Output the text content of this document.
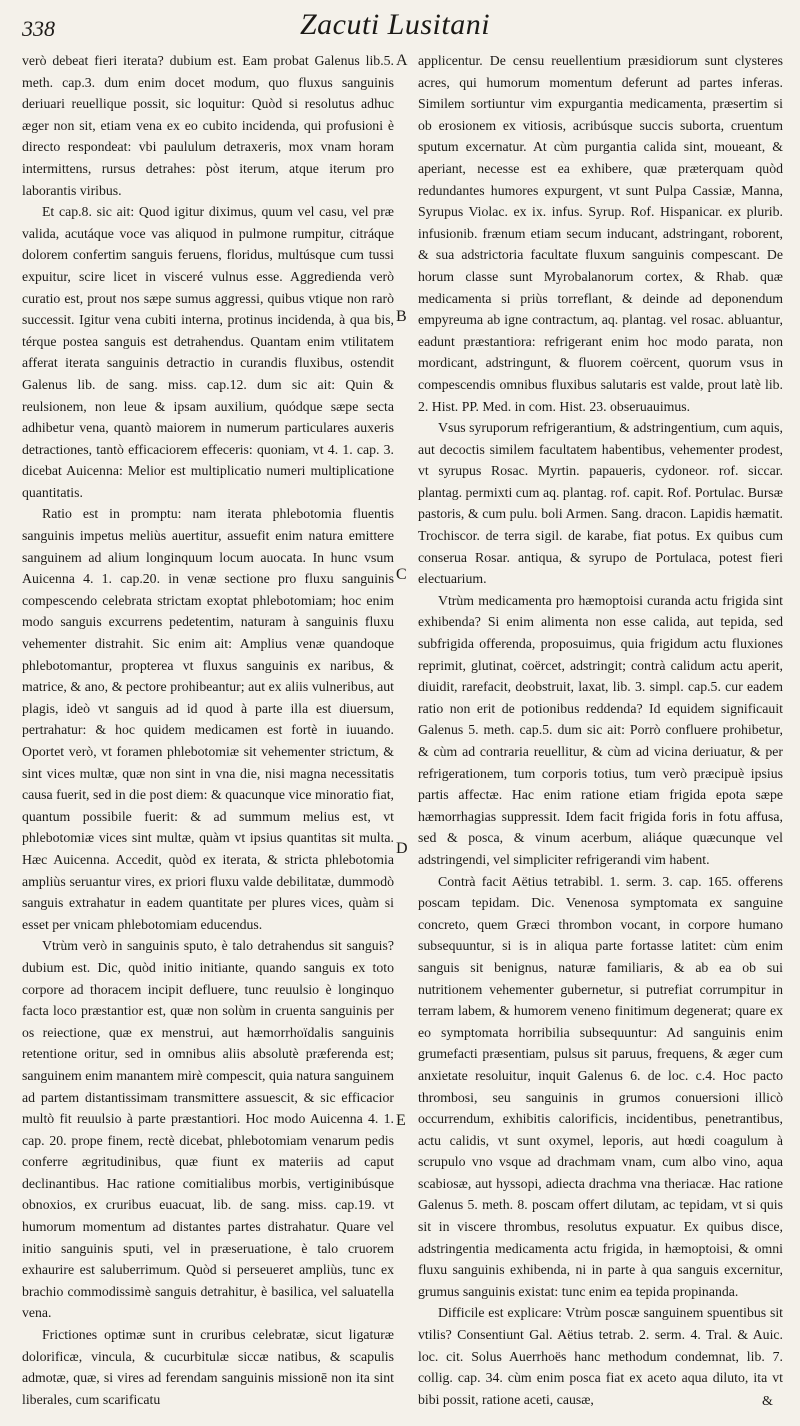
338	Zacuti Lusitani

verò debeat fieri iterata? dubium est. Eam probat Galenus lib.5. meth. cap.3. dum enim docet modum, quo fluxus sanguinis deriuari reuellique possit, sic loquitur: Quòd si resolutus adhuc æger non sit, etiam vena ex eo cubito incidenda, qui profusioni è directo respondeat: vbi paululum detraxeris, mox vnam horam intermittens, rursus detrahes: pòst iterum, atque iterum pro laborantis viribus.

Et cap.8. sic ait: Quod igitur diximus, quum vel casu, vel præ valida, acutáque voce vas aliquod in pulmone rumpitur, citráque dolorem confertim sanguis feruens, floridus, multúsque cum tussi expuitur, scire licet in visceré vulnus esse. Aggredienda verò curatio est, prout nos sæpe sumus aggressi, quibus vtique non rarò successit. Igitur vena cubiti interna, protinus incidenda, à qua bis, térque postea sanguis est detrahendus. Quantam enim vtilitatem afferat iterata sanguinis detractio in curandis fluxibus, ostendit Galenus lib. de sang. miss. cap.12. dum sic ait: Quin & reulsionem, non leue & ipsam auxilium, quódque sæpe secta adhibetur vena, quantò maiorem in numerum particulares auxeris detractiones, tantò efficaciorem effeceris: quoniam, vt 4. 1. cap. 3. dicebat Auicenna: Melior est multiplicatio numeri multiplicatione quantitatis.

Ratio est in promptu: nam iterata phlebotomia fluentis sanguinis impetus meliùs auertitur, assuefit enim natura emittere sanguinem ad alium longinquum locum auocata. In hunc vsum Auicenna 4. 1. cap.20. in venæ sectione pro fluxu sanguinis compescendo celebrata strictam exoptat phlebotomiam; hoc enim modo sanguis excurrens pedetentim, naturam à sanguinis fluxu vehementer distrahit. Sic enim ait: Amplius venæ quandoque phlebotomantur, propterea vt fluxus sanguinis ex naribus, & matrice, & ano, & pectore prohibeantur; aut ex aliis vulneribus, aut plagis, ideò vt sanguis ad id quod à parte illa est diuersum, pertrahatur: & hoc quidem medicamen est fortè in iuuando. Oportet verò, vt foramen phlebotomiæ sit vehementer strictum, & sint vices multæ, quæ non sint in vna die, nisi magna necessitatis causa fuerit, sed in die post diem: & quacunque vice minoratio fiat, quantum possibile fuerit: & ad summum melius est, vt phlebotomiæ vices sint multæ, quàm vt ipsius quantitas sit multa. Hæc Auicenna. Accedit, quòd ex iterata, & stricta phlebotomia ampliùs seruantur vires, ex priori fluxu valde debilitatæ, dummodò sanguis extrahatur in eadem quantitate per plures vices, quàm si esset per vnicam phlebotomiam educendus.

Vtrùm verò in sanguinis sputo, è talo detrahendus sit sanguis? dubium est. Dic, quòd initio initiante, quando sanguis ex toto corpore ad thoracem incipit defluere, tunc reuulsio è longinquo facta loco præstantior est, quæ non solùm in cruenta sanguinis per os reiectione, quæ ex menstrui, aut hæmorrhoïdalis sanguinis retentione oritur, sed in omnibus aliis absolutè præferenda est; sanguinem enim manantem mirè compescit, quia natura sanguinem ad partem distantissimam transmittere assuescit, & sic efficacior multò fit reuulsio à parte præstantiori. Hoc modo Auicenna 4. 1. cap. 20. prope finem, rectè dicebat, phlebotomiam venarum pedis conferre ægritudinibus, quæ fiunt ex materiis ad caput declinantibus. Hac ratione comitialibus morbis, vertiginibúsque obnoxios, ex cruribus euacuat, lib. de sang. miss. cap.19. vt humorum momentum ad distantes partes distrahatur. Quare vel initio sanguinis sputi, vel in præseruatione, è talo cruorem exhaurire est saluberrimum. Quòd si perseueret ampliùs, tunc ex brachio commodissimè sanguis detrahitur, è basilica, vel saluatella vena.

Frictiones optimæ sunt in cruribus celebratæ, sicut ligaturæ dolorificæ, vincula, & cucurbitulæ siccæ natibus, & scapulis admotæ, quæ, si vires ad ferendam sanguinis missionē non ita sint liberales, cum scarificatu

A
B
C
D
E

applicentur. De censu reuellentium præsidiorum sunt clysteres acres, qui humorum momentum deferunt ad partes inferas. Similem sortiuntur vim expurgantia medicamenta, præsertim si ob erosionem ex vitiosis, acribúsque succis suborta, cruentum sputum excernatur. At cùm purgantia calida sint, moueant, & aperiant, necesse est ea exhibere, quæ præterquam quòd redundantes humores expurgent, vt sunt Pulpa Cassiæ, Manna, Syrupus Violac. ex ix. infus. Syrup. Rof. Hispanicar. ex plurib. infusionib. frænum etiam secum inducant, adstringant, roborent, & sua adstrictoria facultate fluxum sanguinis compescant. De horum classe sunt Myrobalanorum cortex, & Rhab. quæ medicamenta si priùs torreflant, & deinde ad deponendum empyreuma ab igne contractum, aq. plantag. vel rosac. abluantur, eadunt præstantiora: refrigerant enim hoc modo parata, non mordicant, adstringunt, & fluorem coërcent, quorum vsus in compescendis omnibus fluxibus salutaris est valde, prout latè lib. 2. Hist. PP. Med. in com. Hist. 23. obseruauimus.

Vsus syruporum refrigerantium, & adstringentium, cum aquis, aut decoctis similem facultatem habentibus, vehementer prodest, vt syrupus Rosac. Myrtin. papaueris, cydoneor. rof. siccar. plantag. permixti cum aq. plantag. rof. capit. Rof. Portulac. Bursæ pastoris, & cum pulu. boli Armen. Sang. dracon. Lapidis hæmatit. Trochiscor. de terra sigil. de karabe, fiat potus. Ex quibus cum conserua Rosar. antiqua, & syrupo de Portulaca, potest fieri electuarium.

Vtrùm medicamenta pro hæmoptoisi curanda actu frigida sint exhibenda? Si enim alimenta non esse calida, aut tepida, sed subfrigida offerenda, proposuimus, quia frigidum actu fluxiones reprimit, glutinat, coërcet, adstringit; contrà calidum actu aperit, diuidit, rarefacit, deobstruit, laxat, lib. 3. simpl. cap.5. cur eadem ratio non erit de potionibus reddenda? Id equidem significauit Galenus 5. meth. cap.5. dum sic ait: Porrò confluere prohibetur, & cùm ad contraria reuellitur, & cùm ad vicina deriuatur, & per refrigerationem, tum corporis totius, tum verò præcipuè ipsius partis affectæ. Hac enim ratione etiam frigida epota sæpe hæmorrhagias suppressit. Idem facit frigida foris in fotu affusa, sed & posca, & vinum acerbum, aliáque quæcunque vel adstringendi, vel simpliciter refrigerandi vim habent.

Contrà facit Aëtius tetrabibl. 1. serm. 3. cap. 165. offerens poscam tepidam. Dic. Venenosa symptomata ex sanguine concreto, quem Græci thrombon vocant, in corpore humano subsequuntur, si is in aliqua parte fortasse latitet: cùm enim sanguis sit benignus, naturæ familiaris, & ab ea ob sui nutritionem vehementer gubernetur, si putrefiat corrumpitur in terram labem, & humorem veneno finitimum degenerat; quare ex eo symptomata horribilia subsequuntur: Ad sanguinis enim grumefacti præsentiam, pulsus sit paruus, frequens, & æger cum anxietate resoluitur, inquit Galenus 6. de loc. c.4. Hoc pacto thrombosi, seu sanguinis in grumos conuersioni illicò occurrendum, exhibitis calorificis, incidentibus, penetrantibus, actu calidis, vt sunt oxymel, leporis, aut hœdi coagulum à scrupulo vno vsque ad drachmam vnam, cum albo vino, aqua scabiosæ, aut hyssopi, adiecta drachma vna theriacæ. Hac ratione Galenus 5. meth. 8. poscam offert dilutam, ac tepidam, vt si quis sit in viscere thrombus, resolutus expuatur. Ex quibus disce, adstringentia medicamenta actu frigida, in hæmoptoisi, & omni fluxu sanguinis exhibenda, ni in parte à qua sanguis excernitur, grumus sanguinis existat: tunc enim ea tepida propinanda.

Difficile est explicare: Vtrùm poscæ sanguinem spuentibus sit vtilis? Consentiunt Gal. Aëtius tetrab. 2. serm. 4. Tral. & Auic. loc. cit. Solus Auerrhoës hanc methodum condemnat, lib. 7. collig. cap. 34. cùm enim posca fiat ex aceto aqua diluto, ita vt bibi possit, ratione aceti, causæ,	&
